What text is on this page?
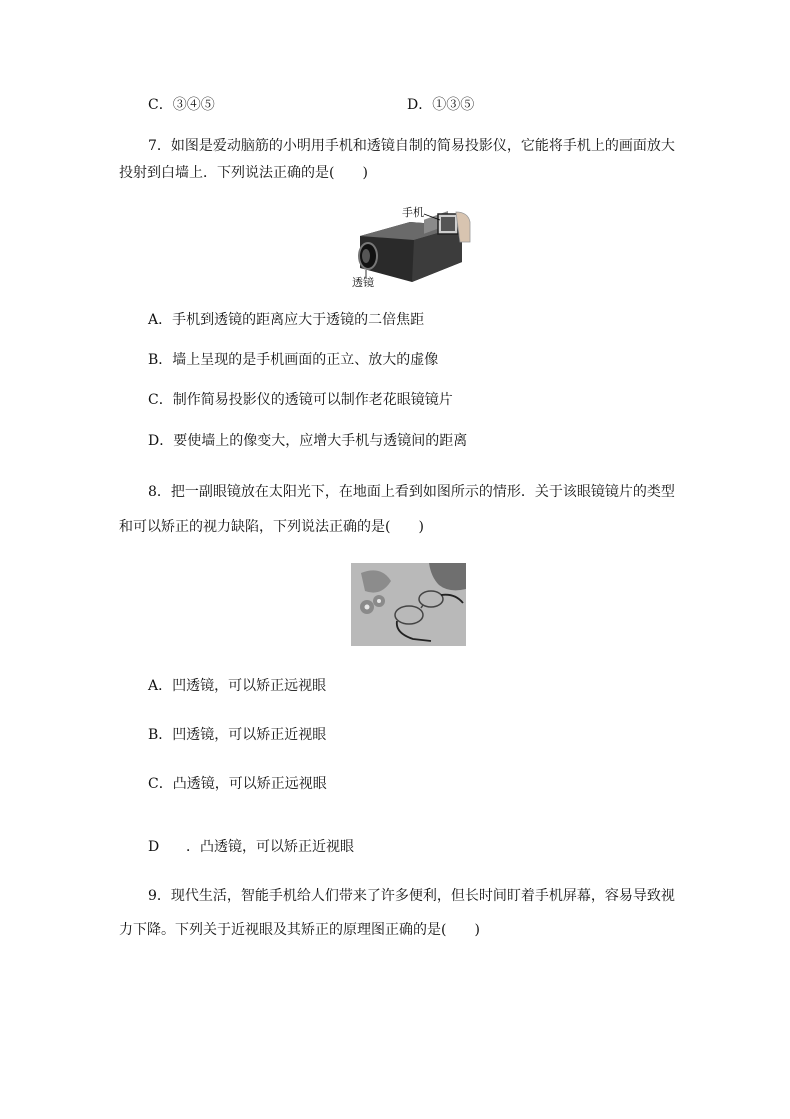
C．③④⑤	D．①③⑤
7．如图是爱动脑筋的小明用手机和透镜自制的简易投影仪，它能将手机上的画面放大
投射到白墙上．下列说法正确的是(　　)
手机
透镜
A．手机到透镜的距离应大于透镜的二倍焦距
B．墙上呈现的是手机画面的正立、放大的虚像
C．制作简易投影仪的透镜可以制作老花眼镜镜片
D．要使墙上的像变大，应增大手机与透镜间的距离
8．把一副眼镜放在太阳光下，在地面上看到如图所示的情形．关于该眼镜镜片的类型
和可以矫正的视力缺陷，下列说法正确的是(　　)
A．凹透镜，可以矫正远视眼
B．凹透镜，可以矫正近视眼
C．凸透镜，可以矫正远视眼
D ．凸透镜，可以矫正近视眼
9．现代生活，智能手机给人们带来了许多便利，但长时间盯着手机屏幕，容易导致视
力下降。下列关于近视眼及其矫正的原理图正确的是(　　)
